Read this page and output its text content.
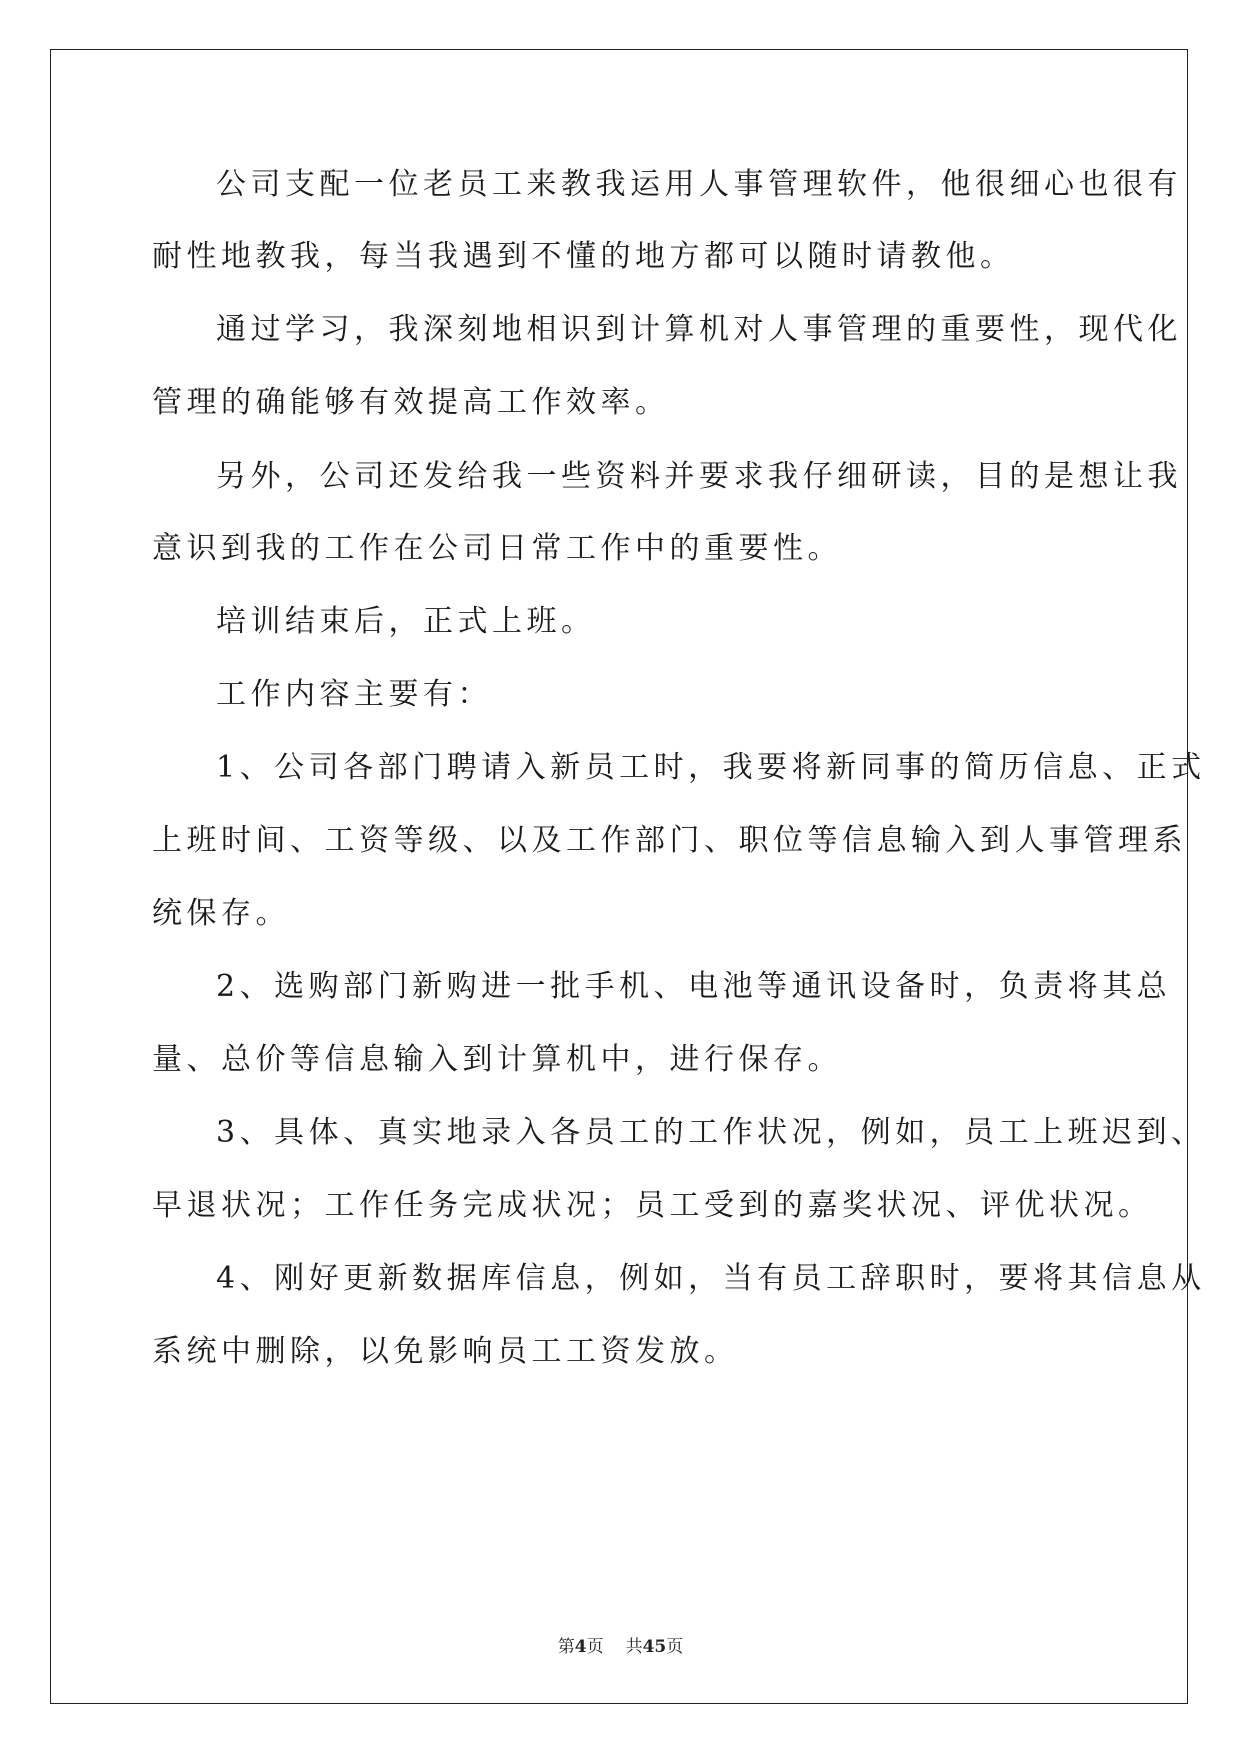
公司支配一位老员工来教我运用人事管理软件，他很细心也很有
耐性地教我，每当我遇到不懂的地方都可以随时请教他。
通过学习，我深刻地相识到计算机对人事管理的重要性，现代化
管理的确能够有效提高工作效率。
另外，公司还发给我一些资料并要求我仔细研读，目的是想让我
意识到我的工作在公司日常工作中的重要性。
培训结束后，正式上班。
工作内容主要有：
1、公司各部门聘请入新员工时，我要将新同事的简历信息、正式
上班时间、工资等级、以及工作部门、职位等信息输入到人事管理系
统保存。
2、选购部门新购进一批手机、电池等通讯设备时，负责将其总
量、总价等信息输入到计算机中，进行保存。
3、具体、真实地录入各员工的工作状况，例如，员工上班迟到、
早退状况；工作任务完成状况；员工受到的嘉奖状况、评优状况。
4、刚好更新数据库信息，例如，当有员工辞职时，要将其信息从
系统中删除，以免影响员工工资发放。
第4页 共45页
